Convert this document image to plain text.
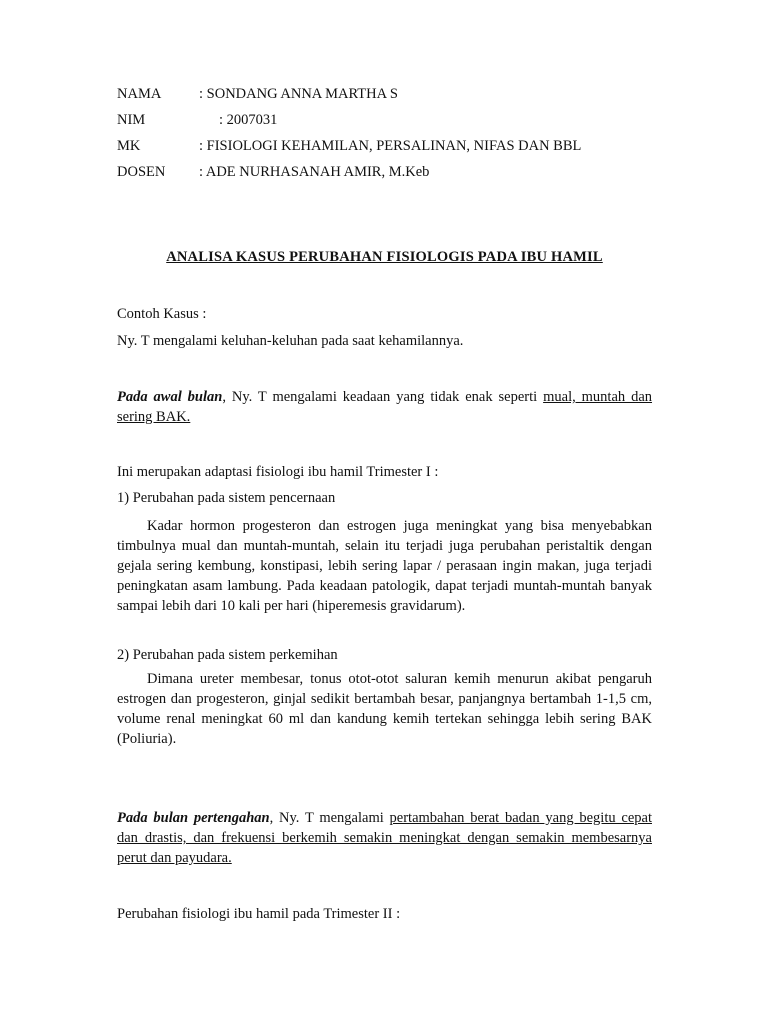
NAMA	: SONDANG ANNA MARTHA S
NIM	: 2007031
MK	: FISIOLOGI KEHAMILAN, PERSALINAN, NIFAS DAN BBL
DOSEN : ADE NURHASANAH AMIR, M.Keb
ANALISA KASUS PERUBAHAN FISIOLOGIS PADA IBU HAMIL

Contoh Kasus :

Ny. T mengalami keluhan-keluhan pada saat kehamilannya.

Pada awal bulan, Ny. T mengalami keadaan yang tidak enak seperti mual, muntah dan sering BAK.

Ini merupakan adaptasi fisiologi ibu hamil Trimester I :

1) Perubahan pada sistem pencernaan

Kadar hormon progesteron dan estrogen juga meningkat yang bisa menyebabkan timbulnya mual dan muntah-muntah, selain itu terjadi juga perubahan peristaltik dengan gejala sering kembung, konstipasi, lebih sering lapar / perasaan ingin makan, juga terjadi peningkatan asam lambung. Pada keadaan patologik, dapat terjadi muntah-muntah banyak sampai lebih dari 10 kali per hari (hiperemesis gravidarum).

2) Perubahan pada sistem perkemihan

Dimana ureter membesar, tonus otot-otot saluran kemih menurun akibat pengaruh estrogen dan progesteron, ginjal sedikit bertambah besar, panjangnya bertambah 1-1,5 cm, volume renal meningkat 60 ml dan kandung kemih tertekan sehingga lebih sering BAK (Poliuria).

Pada bulan pertengahan, Ny. T mengalami pertambahan berat badan yang begitu cepat dan drastis, dan frekuensi berkemih semakin meningkat dengan semakin membesarnya perut dan payudara.

Perubahan fisiologi ibu hamil pada Trimester II :
